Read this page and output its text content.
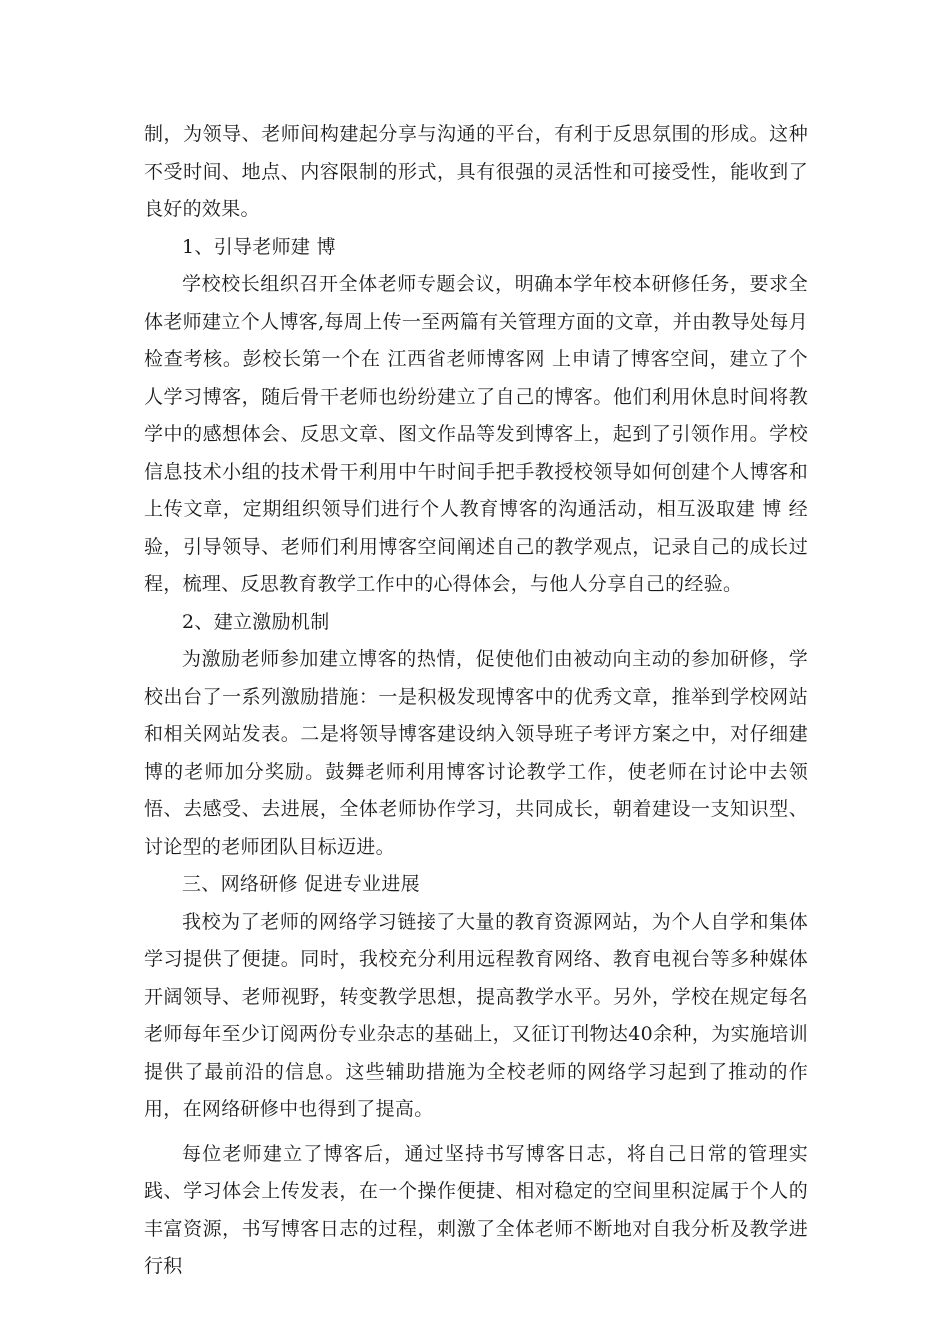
制，为领导、老师间构建起分享与沟通的平台，有利于反思氛围的形成。这种不受时间、地点、内容限制的形式，具有很强的灵活性和可接受性，能收到了良好的效果。

1、引导老师建 博

学校校长组织召开全体老师专题会议，明确本学年校本研修任务，要求全体老师建立个人博客,每周上传一至两篇有关管理方面的文章，并由教导处每月检查考核。彭校长第一个在 江西省老师博客网 上申请了博客空间，建立了个人学习博客，随后骨干老师也纷纷建立了自己的博客。他们利用休息时间将教学中的感想体会、反思文章、图文作品等发到博客上，起到了引领作用。学校信息技术小组的技术骨干利用中午时间手把手教授校领导如何创建个人博客和上传文章，定期组织领导们进行个人教育博客的沟通活动，相互汲取建 博 经验，引导领导、老师们利用博客空间阐述自己的教学观点，记录自己的成长过程，梳理、反思教育教学工作中的心得体会，与他人分享自己的经验。

2、建立激励机制

为激励老师参加建立博客的热情，促使他们由被动向主动的参加研修，学校出台了一系列激励措施：一是积极发现博客中的优秀文章，推举到学校网站和相关网站发表。二是将领导博客建设纳入领导班子考评方案之中，对仔细建博的老师加分奖励。鼓舞老师利用博客讨论教学工作，使老师在讨论中去领悟、去感受、去进展，全体老师协作学习，共同成长，朝着建设一支知识型、讨论型的老师团队目标迈进。

三、网络研修 促进专业进展

我校为了老师的网络学习链接了大量的教育资源网站，为个人自学和集体学习提供了便捷。同时，我校充分利用远程教育网络、教育电视台等多种媒体开阔领导、老师视野，转变教学思想，提高教学水平。另外，学校在规定每名老师每年至少订阅两份专业杂志的基础上，又征订刊物达40余种，为实施培训提供了最前沿的信息。这些辅助措施为全校老师的网络学习起到了推动的作用，在网络研修中也得到了提高。

每位老师建立了博客后，通过坚持书写博客日志，将自己日常的管理实践、学习体会上传发表，在一个操作便捷、相对稳定的空间里积淀属于个人的丰富资源，书写博客日志的过程，刺激了全体老师不断地对自我分析及教学进行积
